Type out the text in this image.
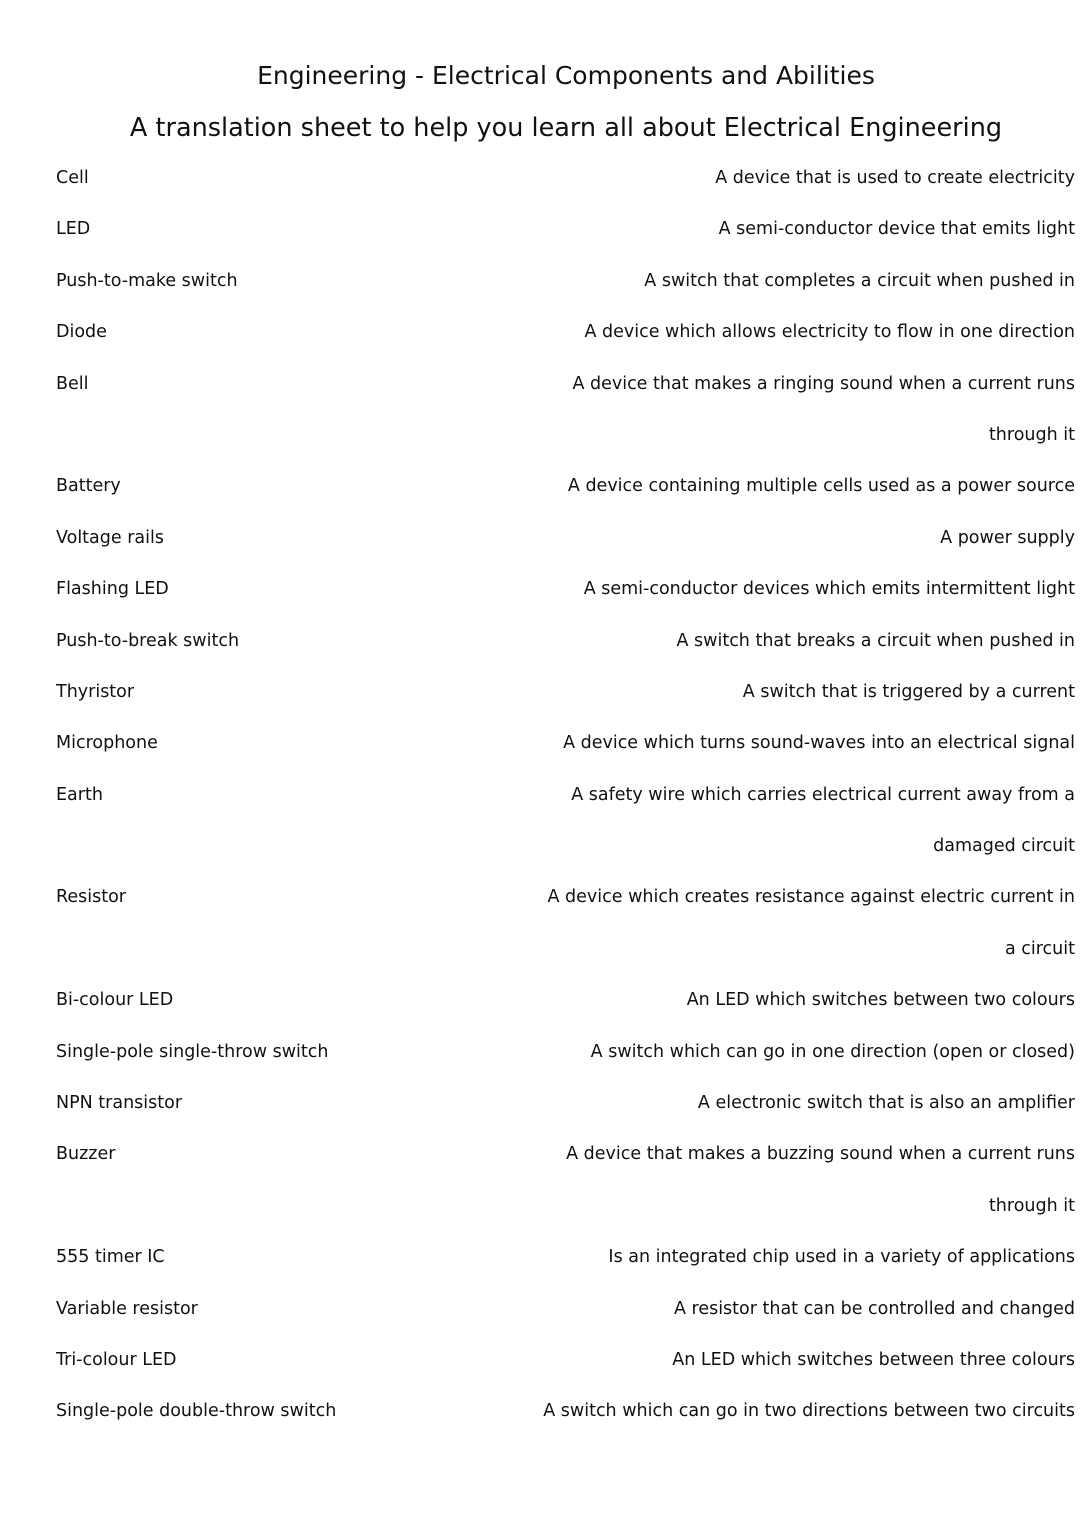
Engineering - Electrical Components and Abilities
A translation sheet to help you learn all about Electrical Engineering
Cell	A device that is used to create electricity
LED	A semi-conductor device that emits light
Push-to-make switch	A switch that completes a circuit when pushed in
Diode	A device which allows electricity to flow in one direction
Bell	A device that makes a ringing sound when a current runs
through it
Battery	A device containing multiple cells used as a power source
Voltage rails	A power supply
Flashing LED	A semi-conductor devices which emits intermittent light
Push-to-break switch	A switch that breaks a circuit when pushed in
Thyristor	A switch that is triggered by a current
Microphone	A device which turns sound-waves into an electrical signal
Earth	A safety wire which carries electrical current away from a
damaged circuit
Resistor	A device which creates resistance against electric current in
a circuit
Bi-colour LED	An LED which switches between two colours
Single-pole single-throw switch	A switch which can go in one direction (open or closed)
NPN transistor	A electronic switch that is also an amplifier
Buzzer	A device that makes a buzzing sound when a current runs
through it
555 timer IC	Is an integrated chip used in a variety of applications
Variable resistor	A resistor that can be controlled and changed
Tri-colour LED	An LED which switches between three colours
Single-pole double-throw switch	A switch which can go in two directions between two circuits
